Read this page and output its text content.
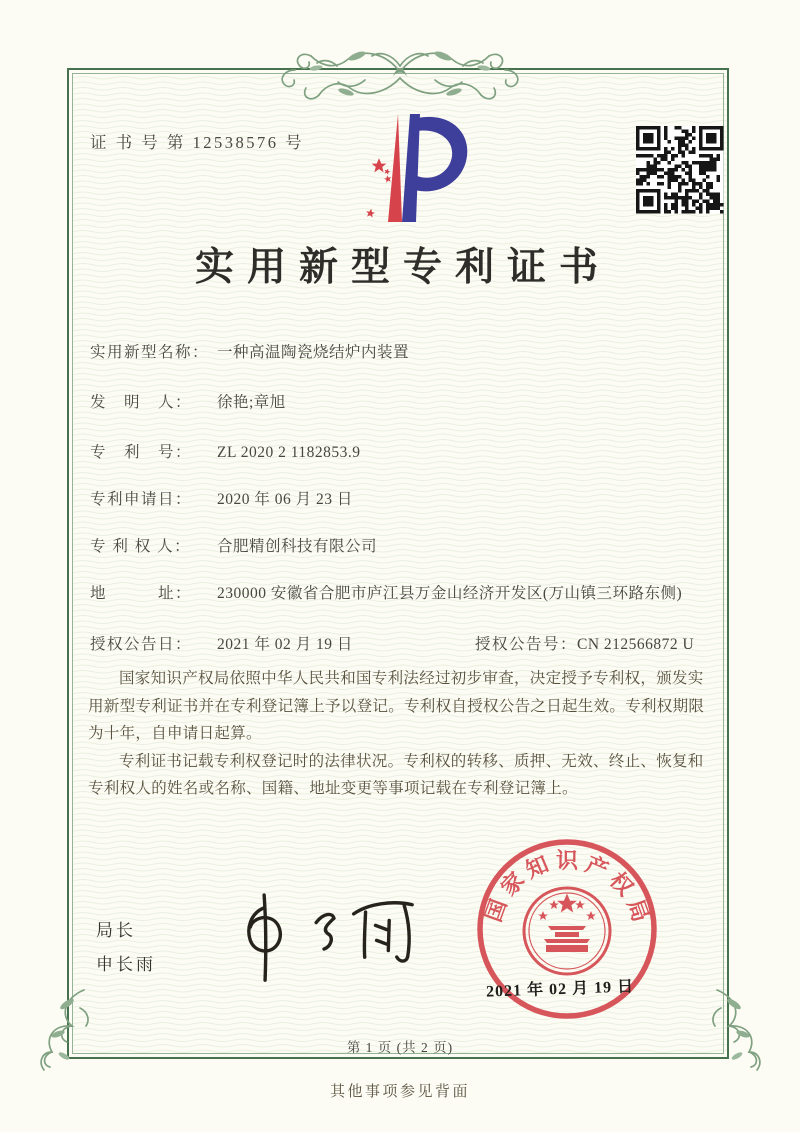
证 书 号 第 12538576 号
实用新型专利证书
实用新型名称： 一种高温陶瓷烧结炉内装置
发　明　人： 徐艳;章旭
专　利　号： ZL 2020 2 1182853.9
专利申请日： 2020 年 06 月 23 日
专 利 权 人： 合肥精创科技有限公司
地　　　址： 230000 安徽省合肥市庐江县万金山经济开发区(万山镇三环路东侧)
授权公告日： 2021 年 02 月 19 日	授权公告号：CN 212566872 U

国家知识产权局依照中华人民共和国专利法经过初步审查，决定授予专利权，颁发实用新型专利证书并在专利登记簿上予以登记。专利权自授权公告之日起生效。专利权期限为十年，自申请日起算。

专利证书记载专利权登记时的法律状况。专利权的转移、质押、无效、终止、恢复和专利权人的姓名或名称、国籍、地址变更等事项记载在专利登记簿上。

局长
申长雨
国
家
知 识 产
权
局
2021 年 02 月 19 日
第 1 页 (共 2 页)
其他事项参见背面
